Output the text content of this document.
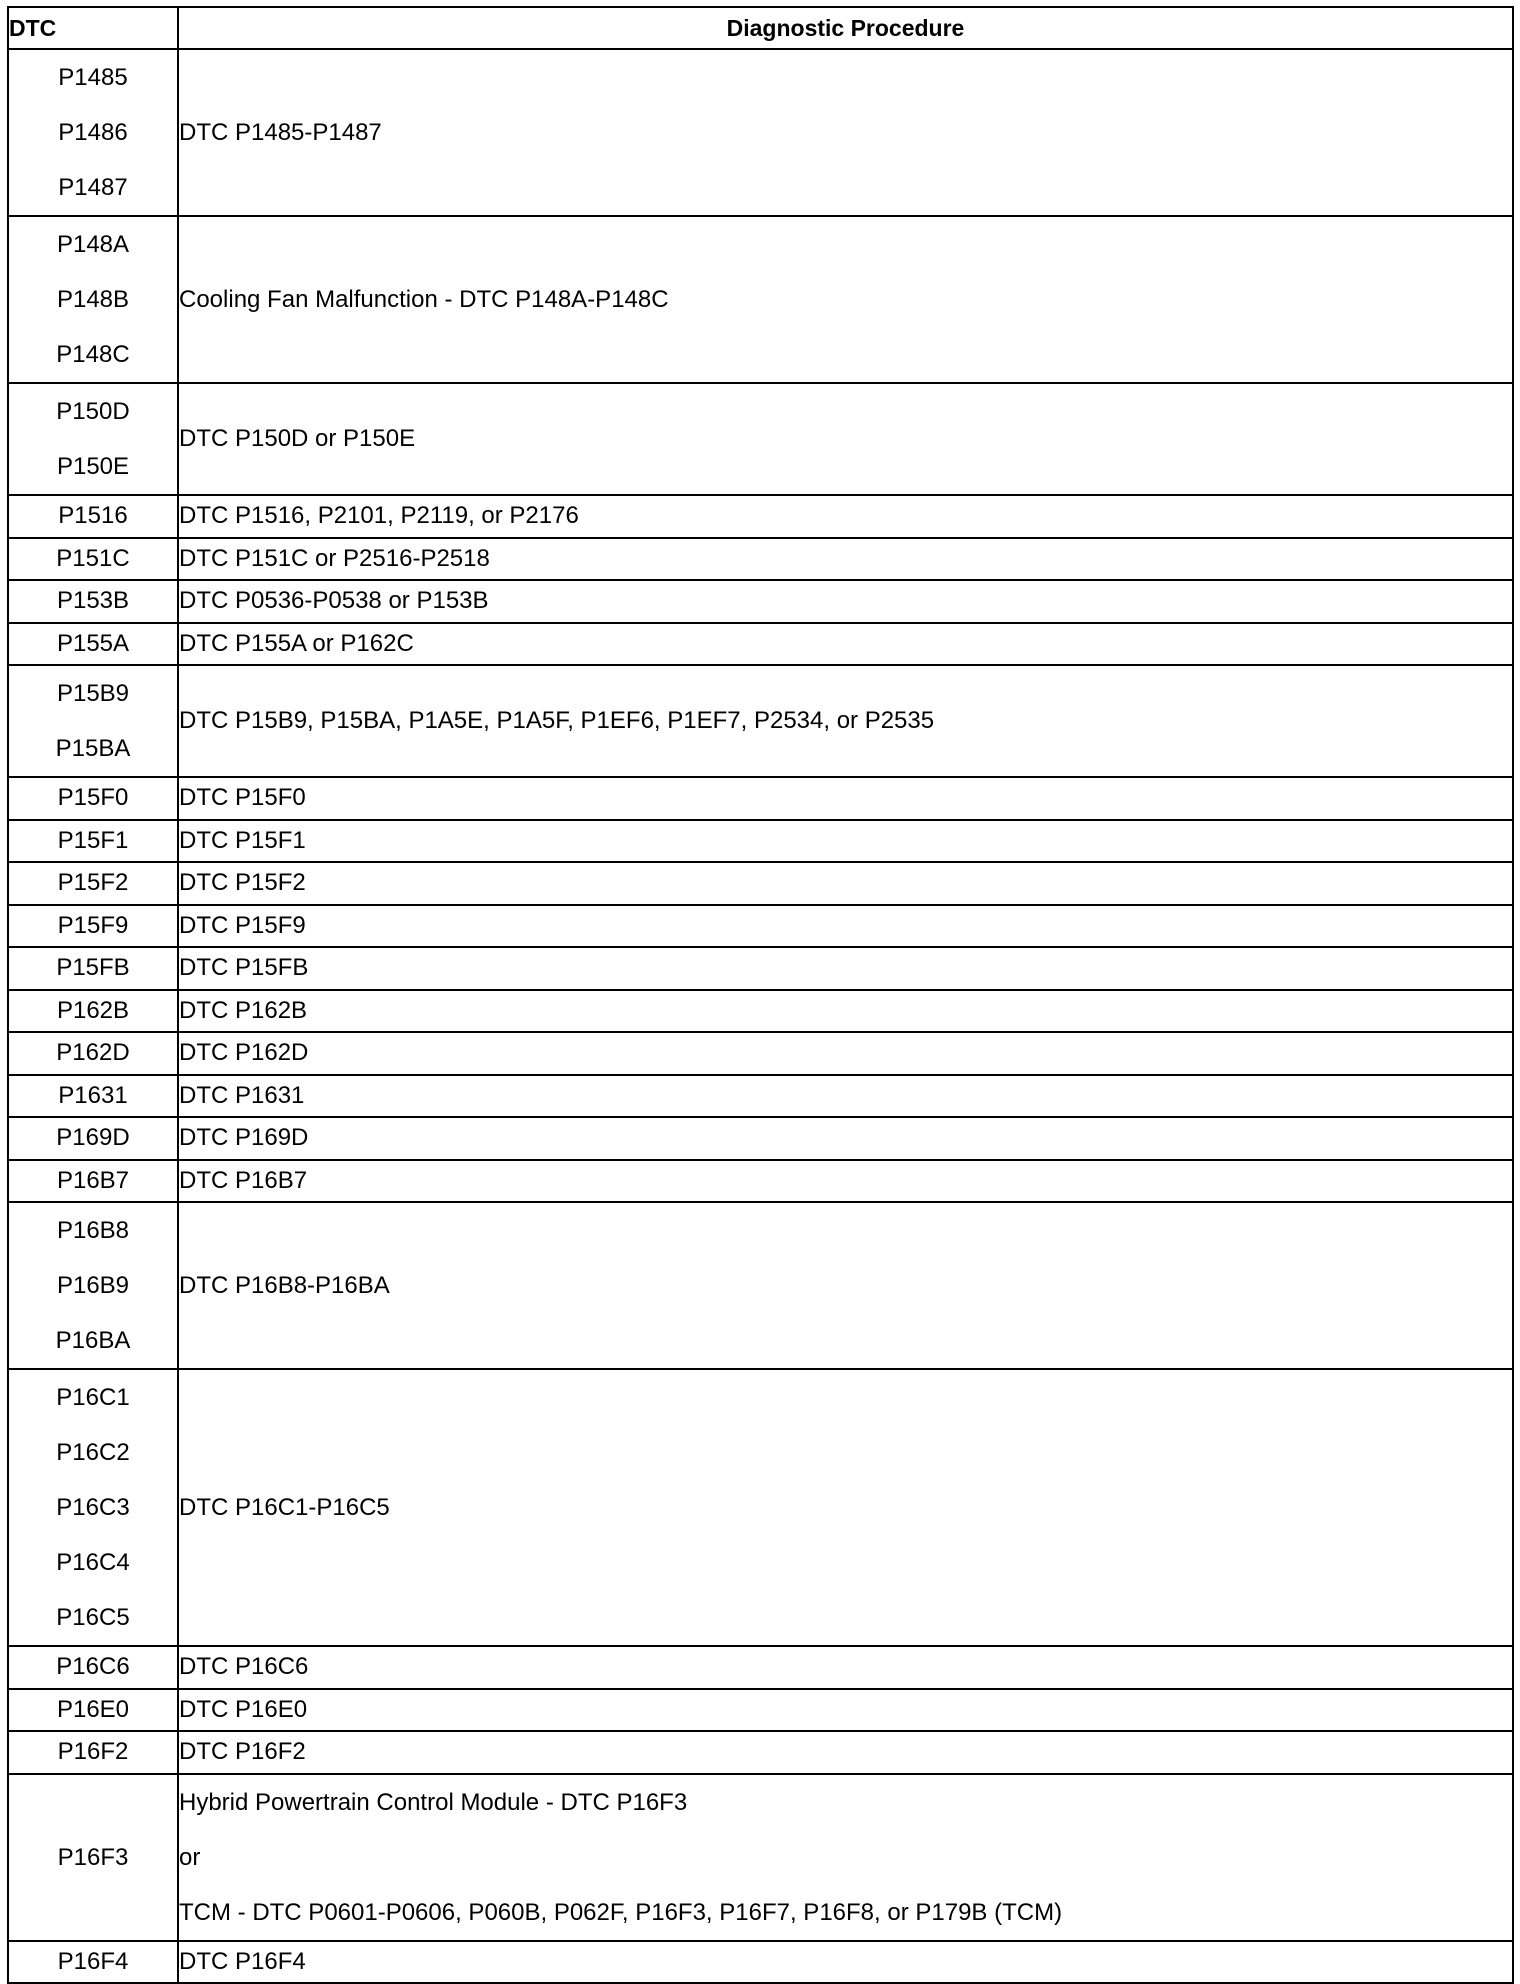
DTC	Diagnostic Procedure

P1485
P1486
P1487	DTC P1485-P1487

P148A
P148B
P148C	Cooling Fan Malfunction - DTC P148A-P148C

P150D
P150E	DTC P150D or P150E
P1516	DTC P1516, P2101, P2119, or P2176
P151C	DTC P151C or P2516-P2518
P153B	DTC P0536-P0538 or P153B
P155A	DTC P155A or P162C

P15B9
P15BA	DTC P15B9, P15BA, P1A5E, P1A5F, P1EF6, P1EF7, P2534, or P2535
P15F0	DTC P15F0
P15F1	DTC P15F1
P15F2	DTC P15F2
P15F9	DTC P15F9
P15FB	DTC P15FB
P162B	DTC P162B
P162D	DTC P162D
P1631	DTC P1631
P169D	DTC P169D
P16B7	DTC P16B7

P16B8
P16B9
P16BA	DTC P16B8-P16BA

P16C1
P16C2
P16C3
P16C4
P16C5	DTC P16C1-P16C5
P16C6	DTC P16C6
P16E0	DTC P16E0
P16F2	DTC P16F2

P16F3	Hybrid Powertrain Control Module - DTC P16F3
or
TCM - DTC P0601-P0606, P060B, P062F, P16F3, P16F7, P16F8, or P179B (TCM)

P16F4	DTC P16F4
